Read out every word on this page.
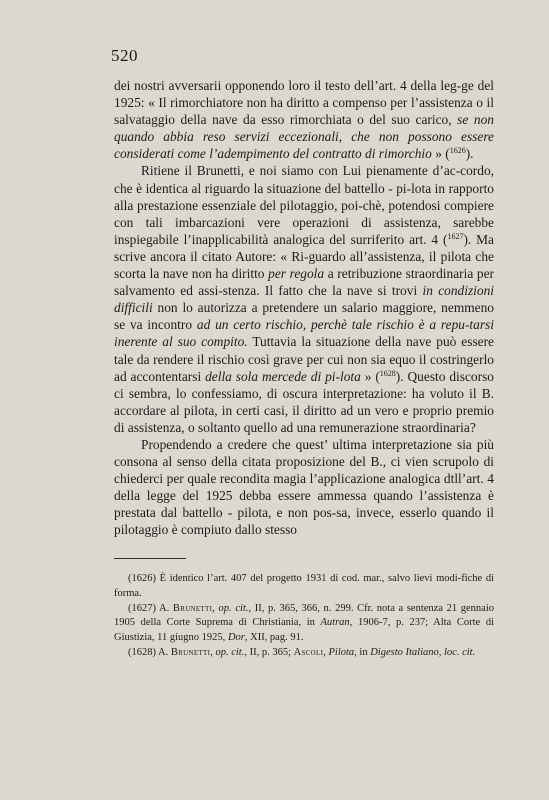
520

dei nostri avversarii opponendo loro il testo dell’art. 4 della leg-ge del 1925: « Il rimorchiatore non ha diritto a compenso per l’assistenza o il salvataggio della nave da esso rimorchiata o del suo carico, se non quando abbia reso servizi eccezionali, che non possono essere considerati come l’adempimento del contratto di rimorchio » ($^{1626}$).

Ritiene il Brunetti, e noi siamo con Lui pienamente d’ac-cordo, che è identica al riguardo la situazione del battello - pi-lota in rapporto alla prestazione essenziale del pilotaggio, poi-chè, potendosi compiere con tali imbarcazioni vere operazioni di assistenza, sarebbe inspiegabile l’inapplicabilità analogica del surriferito art. 4 ($^{1627}$). Ma scrive ancora il citato Autore: « Ri-guardo all’assistenza, il pilota che scorta la nave non ha diritto per regola a retribuzione straordinaria per salvamento ed assi-stenza. Il fatto che la nave si trovi in condizioni difficili non lo autorizza a pretendere un salario maggiore, nemmeno se va incontro ad un certo rischio, perchè tale rischio è a repu-tarsi inerente al suo compito. Tuttavia la situazione della nave può essere tale da rendere il rischio così grave per cui non sia equo il costringerlo ad accontentarsi della sola mercede di pi-lota » ($^{1628}$). Questo discorso ci sembra, lo confessiamo, di oscura interpretazione: ha voluto il B. accordare al pilota, in certi casi, il diritto ad un vero e proprio premio di assistenza, o soltanto quello ad una remunerazione straordinaria?

Propendendo a credere che quest’ ultima interpretazione sia più consona al senso della citata proposizione del B., ci vien scrupolo di chiederci per quale recondita magia l’applicazione analogica dtll’art. 4 della legge del 1925 debba essere ammessa quando l’assistenza è prestata dal battello - pilota, e non pos-sa, invece, esserlo quando il pilotaggio è compiuto dallo stesso

(1626) È identico l’art. 407 del progetto 1931 di cod. mar., salvo lievi modi-fiche di forma.

(1627) A. Brunetti, op. cit., II, p. 365, 366, n. 299. Cfr. nota a sentenza 21 gennaio 1905 della Corte Suprema di Christiania, in Autran, 1906-7, p. 237; Alta Corte di Giustizia, 11 giugno 1925, Dor, XII, pag. 91.

(1628) A. Brunetti, op. cit., II, p. 365; Ascoli, Pilota, in Digesto Italiano, loc. cit.
